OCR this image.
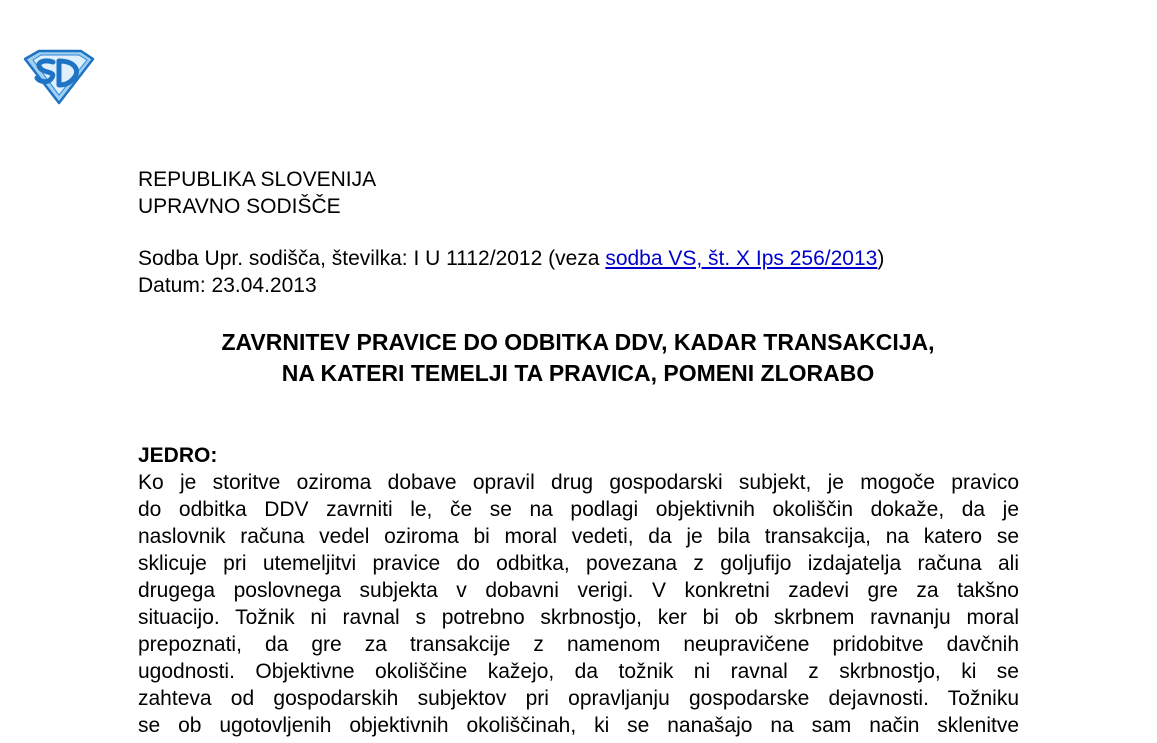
REPUBLIKA SLOVENIJA
UPRAVNO SODIŠČE
Sodba Upr. sodišča, številka: I U 1112/2012 (veza sodba VS, št. X Ips 256/2013)
Datum: 23.04.2013
ZAVRNITEV PRAVICE DO ODBITKA DDV, KADAR TRANSAKCIJA,
NA KATERI TEMELJI TA PRAVICA, POMENI ZLORABO
JEDRO:
Ko je storitve oziroma dobave opravil drug gospodarski subjekt, je mogoče pravico
do odbitka DDV zavrniti le, če se na podlagi objektivnih okoliščin dokaže, da je
naslovnik računa vedel oziroma bi moral vedeti, da je bila transakcija, na katero se
sklicuje pri utemeljitvi pravice do odbitka, povezana z goljufijo izdajatelja računa ali
drugega poslovnega subjekta v dobavni verigi. V konkretni zadevi gre za takšno
situacijo. Tožnik ni ravnal s potrebno skrbnostjo, ker bi ob skrbnem ravnanju moral
prepoznati, da gre za transakcije z namenom neupravičene pridobitve davčnih
ugodnosti. Objektivne okoliščine kažejo, da tožnik ni ravnal z skrbnostjo, ki se
zahteva od gospodarskih subjektov pri opravljanju gospodarske dejavnosti. Tožniku
se ob ugotovljenih objektivnih okoliščinah, ki se nanašajo na sam način sklenitve
